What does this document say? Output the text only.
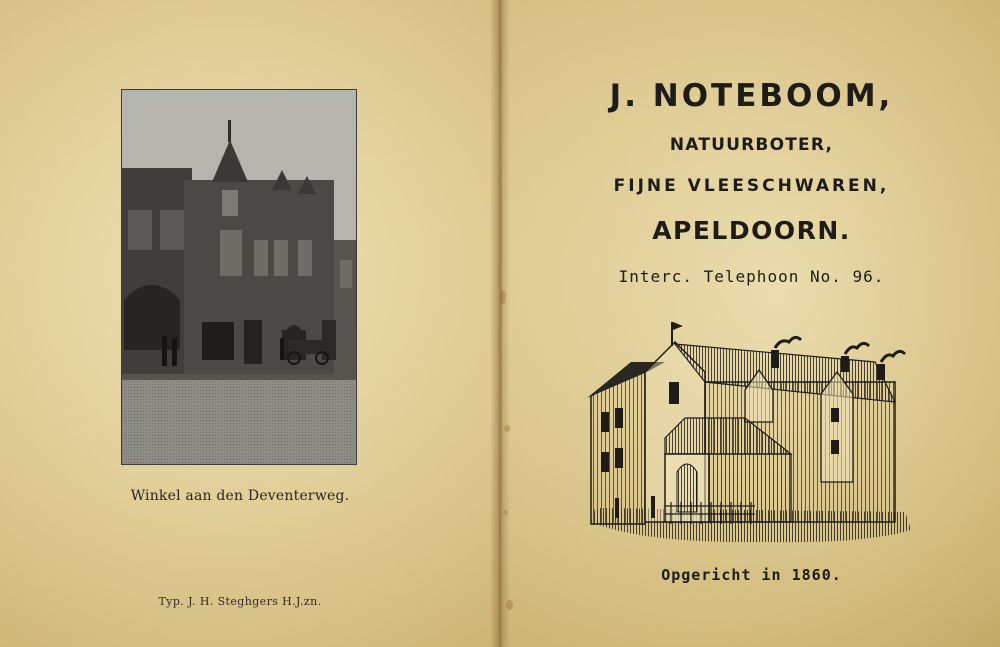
Winkel aan den Deventerweg.
Typ. J. H. Steghgers H.J.zn.
J. NOTEBOOM,
NATUURBOTER,
FIJNE VLEESCHWAREN,
APELDOORN.
Interc. Telephoon No. 96.
Opgericht in 1860.
